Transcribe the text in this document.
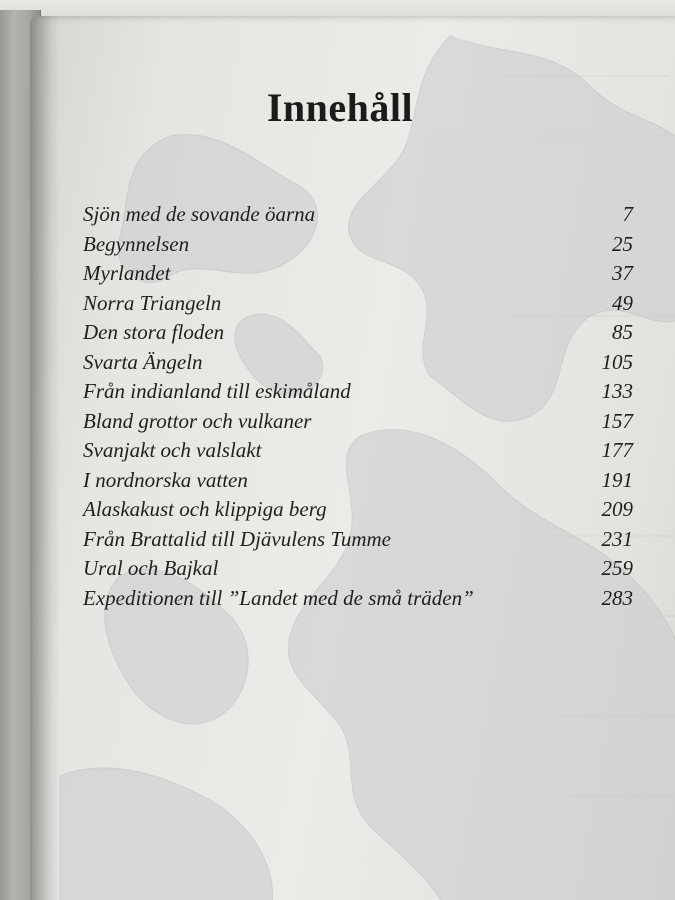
Innehåll
Sjön med de sovande öarna	7
Begynnelsen	25
Myrlandet	37
Norra Triangeln	49
Den stora floden	85
Svarta Ängeln	105
Från indianland till eskimåland	133
Bland grottor och vulkaner	157
Svanjakt och valslakt	177
I nordnorska vatten	191
Alaskakust och klippiga berg	209
Från Brattalid till Djävulens Tumme	231
Ural och Bajkal	259
Expeditionen till ”Landet med de små träden”	283
